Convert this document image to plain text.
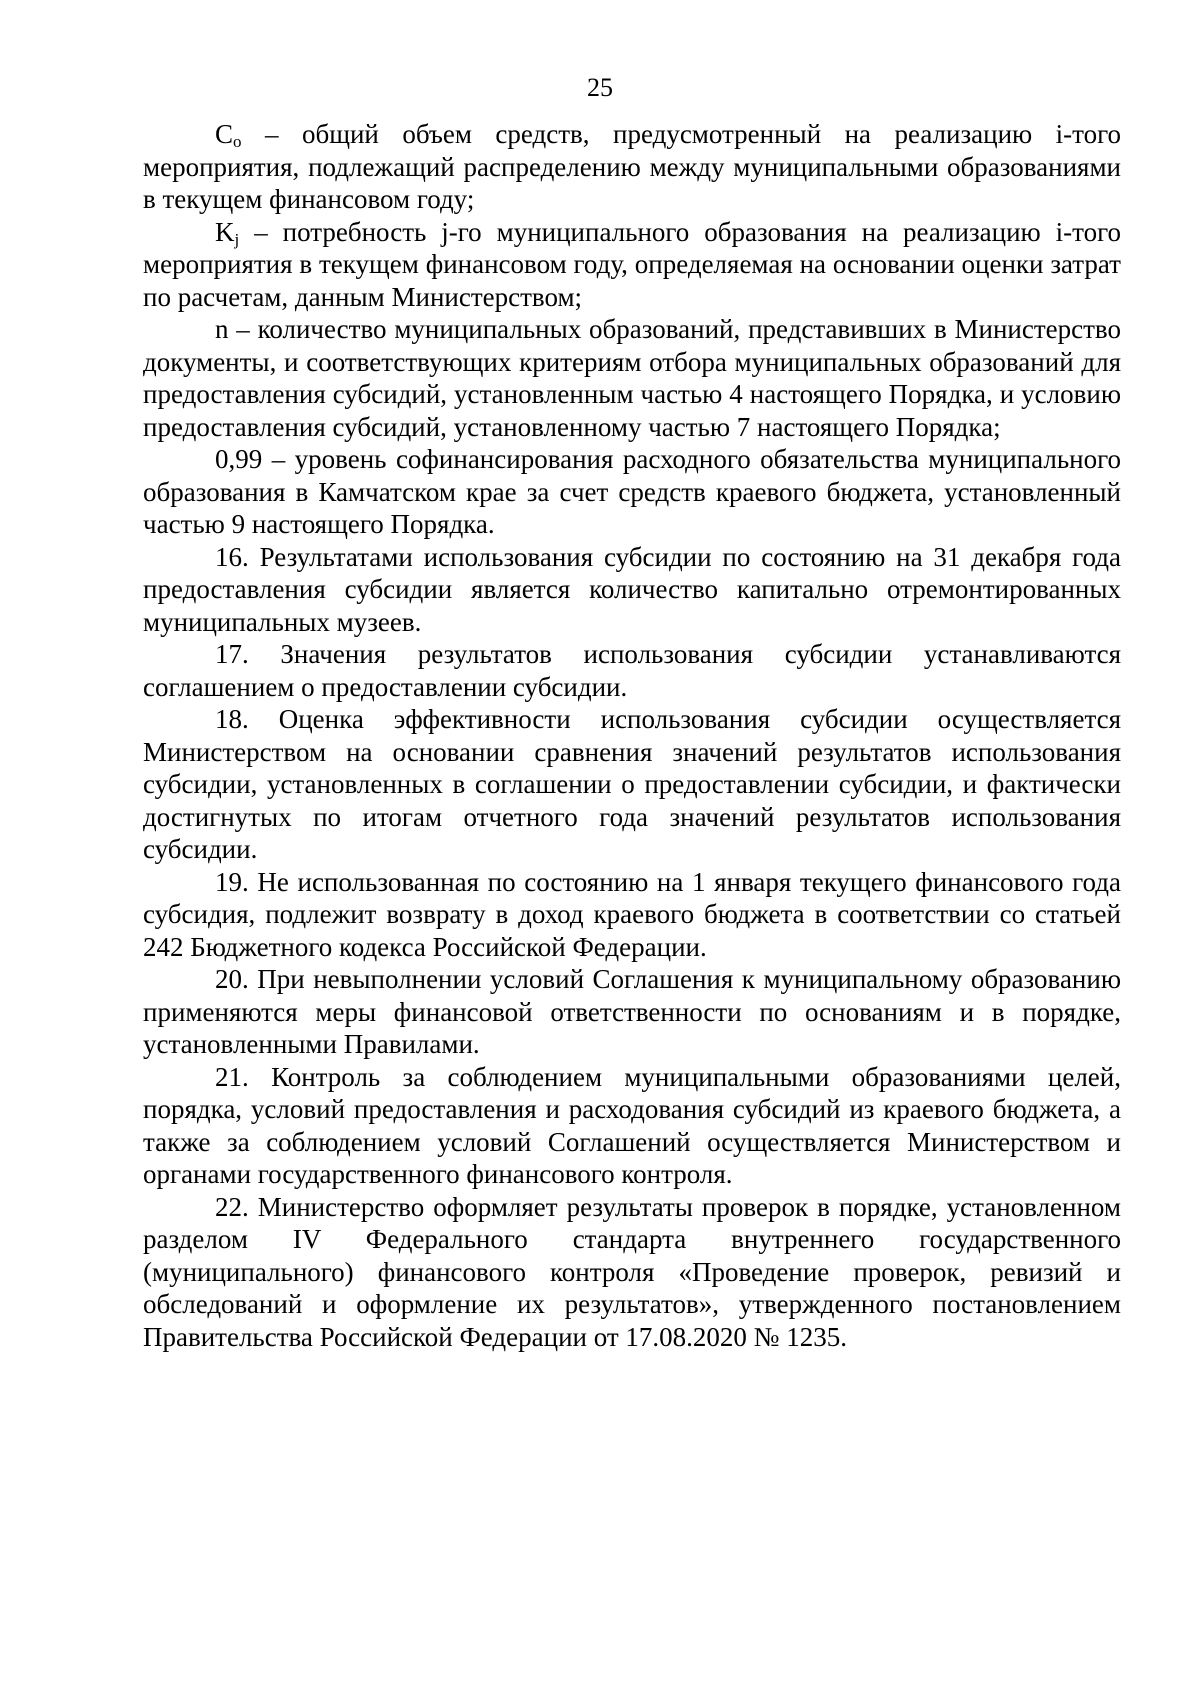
25

$C_o$ – общий объем средств, предусмотренный на реализацию i-того мероприятия, подлежащий распределению между муниципальными образованиями в текущем финансовом году;

$K_j$ – потребность j-го муниципального образования на реализацию i-того мероприятия в текущем финансовом году, определяемая на основании оценки затрат по расчетам, данным Министерством;

n – количество муниципальных образований, представивших в Министерство документы, и соответствующих критериям отбора муниципальных образований для предоставления субсидий, установленным частью 4 настоящего Порядка, и условию предоставления субсидий, установленному частью 7 настоящего Порядка;

0,99 – уровень софинансирования расходного обязательства муниципального образования в Камчатском крае за счет средств краевого бюджета, установленный частью 9 настоящего Порядка.

16. Результатами использования субсидии по состоянию на 31 декабря года предоставления субсидии является количество капитально отремонтированных муниципальных музеев.

17. Значения результатов использования субсидии устанавливаются соглашением о предоставлении субсидии.

18. Оценка эффективности использования субсидии осуществляется Министерством на основании сравнения значений результатов использования субсидии, установленных в соглашении о предоставлении субсидии, и фактически достигнутых по итогам отчетного года значений результатов использования субсидии.

19. Не использованная по состоянию на 1 января текущего финансового года субсидия, подлежит возврату в доход краевого бюджета в соответствии со статьей 242 Бюджетного кодекса Российской Федерации.

20. При невыполнении условий Соглашения к муниципальному образованию применяются меры финансовой ответственности по основаниям и в порядке, установленными Правилами.

21. Контроль за соблюдением муниципальными образованиями целей, порядка, условий предоставления и расходования субсидий из краевого бюджета, а также за соблюдением условий Соглашений осуществляется Министерством и органами государственного финансового контроля.

22. Министерство оформляет результаты проверок в порядке, установленном разделом IV Федерального стандарта внутреннего государственного (муниципального) финансового контроля «Проведение проверок, ревизий и обследований и оформление их результатов», утвержденного постановлением Правительства Российской Федерации от 17.08.2020 № 1235.
